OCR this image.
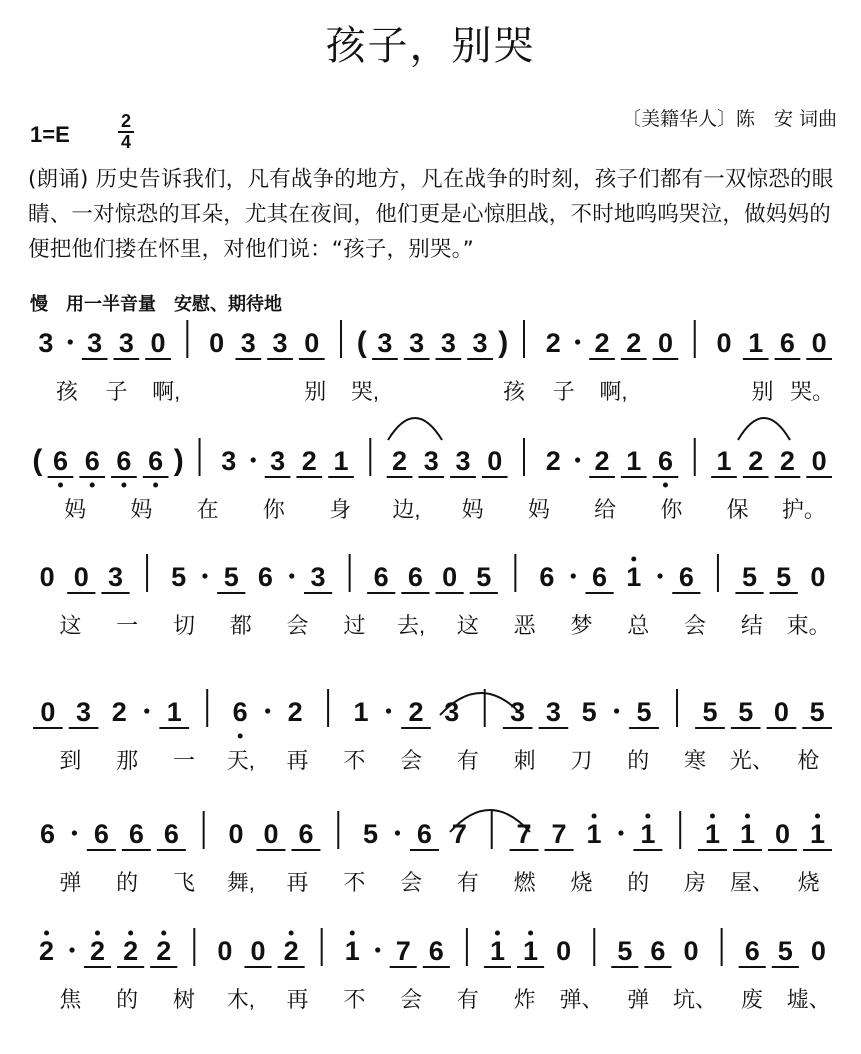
孩子，别哭
〔美籍华人〕陈　安 词曲
1=E
2
4
(朗诵) 历史告诉我们，凡有战争的地方，凡在战争的时刻，孩子们都有一双惊恐的眼睛、一对惊恐的耳朵，尤其在夜间，他们更是心惊胆战，不时地呜呜哭泣，做妈妈的便把他们搂在怀里，对他们说：“孩子，别哭。”
慢　用一半音量　安慰、期待地
3 3 3 0 0 3 3 0 ( 3 3 3 3 ) 2 2 2 0 0 1 6 0
孩 子 啊,	别 哭,	孩 子 啊,	别 哭。
( 6 6 6 6 ) 3 3 2 1 2 3 3 0 2 2 1 6 1 2 2 0
妈 妈 在 你 身 边, 妈 妈 给 你 保 护。
0 0 3 5 5 6 3 6 6 0 5 6 6 1 6 5 5 0
这 一 切 都 会 过 去, 这 恶 梦 总 会 结 束。
0 3 2 1 6 2 1 2 3 3 3 5 5 5 5 0 5
到 那 一 天, 再 不 会 有 刺 刀 的 寒 光、 枪
6 6 6 6 0 0 6 5 6 7 7 7 1 1 1 1 0 1
弹 的 飞 舞, 再 不 会 有 燃 烧 的 房 屋、 烧
2 2 2 2 0 0 2 1 7 6 1 1 0 5 6 0 6 5 0
焦 的 树 木, 再 不 会 有 炸 弹、 弹 坑、 废 墟、
